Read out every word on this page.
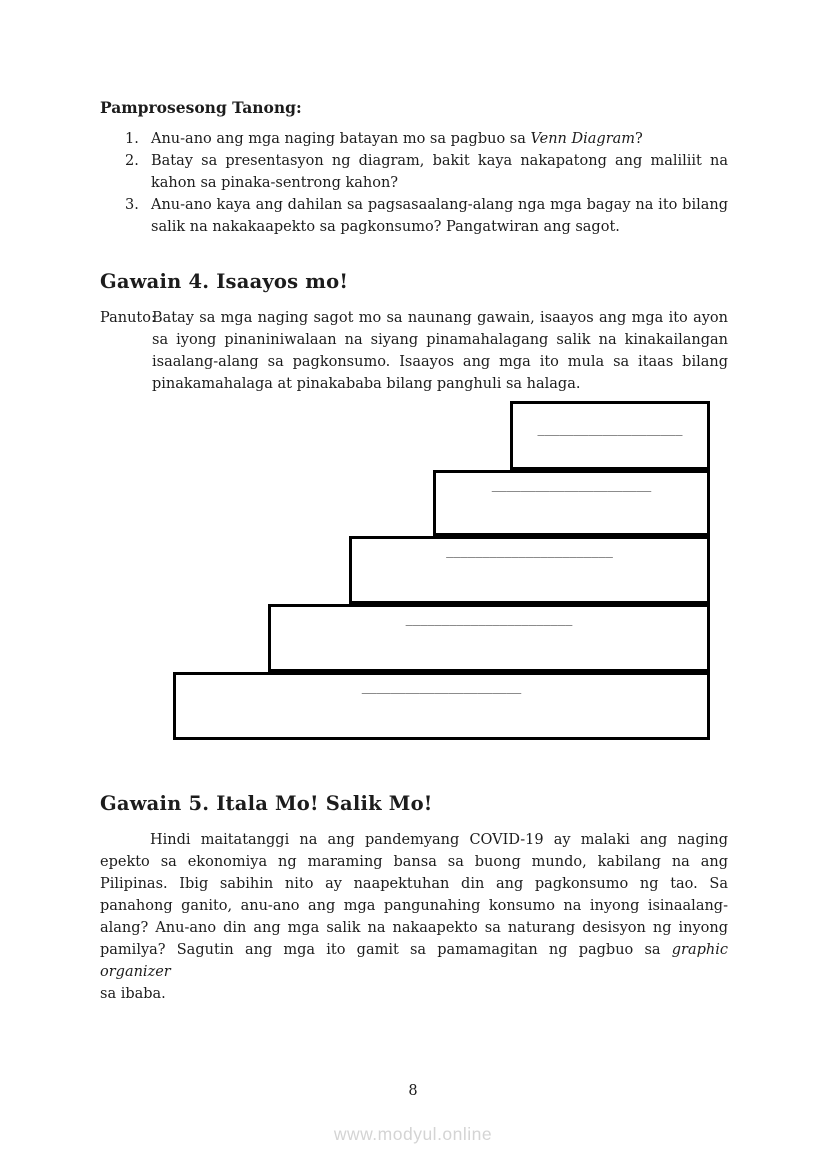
Pamprosesong Tanong:
1. Anu-ano ang mga naging batayan mo sa pagbuo sa Venn Diagram?
2. Batay sa presentasyon ng diagram, bakit kaya nakapatong ang maliliit na
kahon sa pinaka-sentrong kahon?
3. Anu-ano kaya ang dahilan sa pagsasaalang-alang nga mga bagay na ito bilang
salik na nakakaapekto sa pagkonsumo? Pangatwiran ang sagot.
Gawain 4. Isaayos mo!
Panuto:
Batay sa mga naging sagot mo sa naunang gawain, isaayos ang mga ito ayon
sa iyong pinaniniwalaan na siyang pinamahalagang salik na kinakailangan
isaalang-alang sa pagkonsumo. Isaayos ang mga ito mula sa itaas bilang
pinakamahalaga at pinakababa bilang panghuli sa halaga.
____________________
______________________
_______________________
_______________________
______________________
Gawain 5. Itala Mo! Salik Mo!
Hindi maitatanggi na ang pandemyang COVID-19 ay malaki ang naging
epekto sa ekonomiya ng maraming bansa sa buong mundo, kabilang na ang
Pilipinas. Ibig sabihin nito ay naapektuhan din ang pagkonsumo ng tao. Sa
panahong ganito, anu-ano ang mga pangunahing konsumo na inyong isinaalang-
alang? Anu-ano din ang mga salik na nakaapekto sa naturang desisyon ng inyong
pamilya? Sagutin ang mga ito gamit sa pamamagitan ng pagbuo sa graphic organizer
sa ibaba.
8
www.modyul.online
